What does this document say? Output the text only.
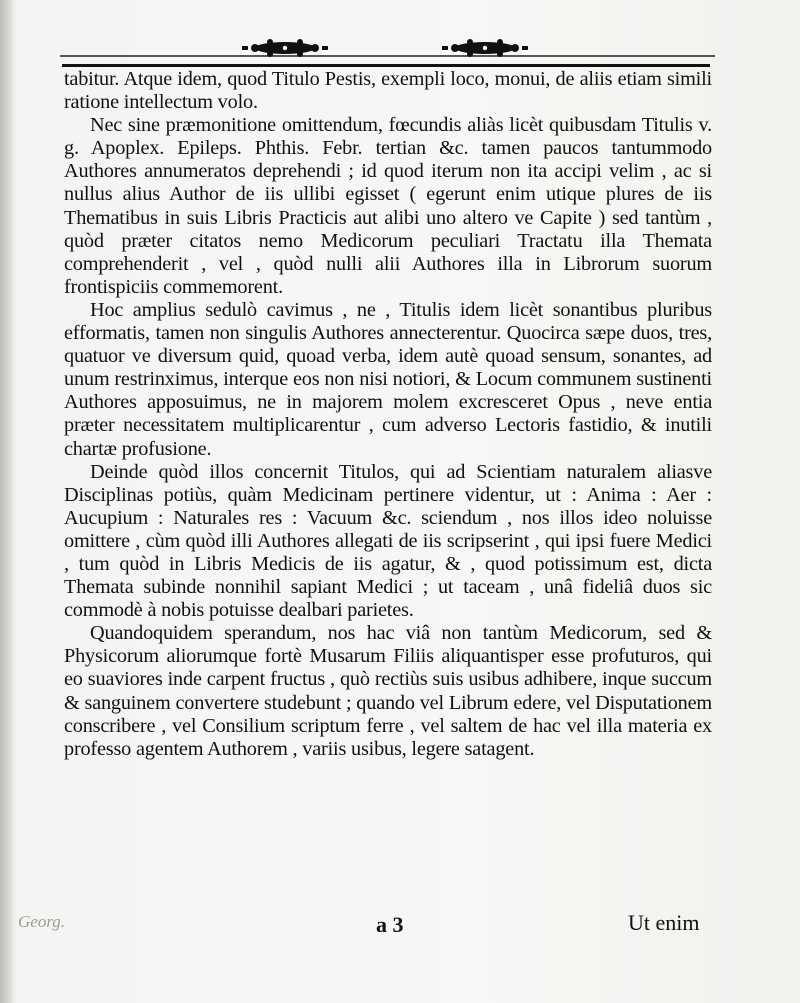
tabitur. Atque idem, quod Titulo Pestis, exempli loco, monui, de aliis etiam simili ratione intellectum volo.

Nec sine præmonitione omittendum, fœcundis aliàs licèt quibusdam Titulis v. g. Apoplex. Epileps. Phthis. Febr. tertian &c. tamen paucos tantummodo Authores annumeratos deprehendi ; id quod iterum non ita accipi velim , ac si nullus alius Author de iis ullibi egisset ( egerunt enim utique plures de iis Thematibus in suis Libris Practicis aut alibi uno altero ve Capite ) sed tantùm , quòd præter citatos nemo Medicorum peculiari Tractatu illa Themata comprehenderit , vel , quòd nulli alii Authores illa in Librorum suorum frontispiciis commemorent.

Hoc amplius sedulò cavimus , ne , Titulis idem licèt sonantibus pluribus efformatis, tamen non singulis Authores annecterentur. Quocirca sæpe duos, tres, quatuor ve diversum quid, quoad verba, idem autè quoad sensum, sonantes, ad unum restrinximus, interque eos non nisi notiori, & Locum communem sustinenti Authores apposuimus, ne in majorem molem excresceret Opus , neve entia præter necessitatem multiplicarentur , cum adverso Lectoris fastidio, & inutili chartæ profusione.

Deinde quòd illos concernit Titulos, qui ad Scientiam naturalem aliasve Disciplinas potiùs, quàm Medicinam pertinere videntur, ut : Anima : Aer : Aucupium : Naturales res : Vacuum &c. sciendum , nos illos ideo noluisse omittere , cùm quòd illi Authores allegati de iis scripserint , qui ipsi fuere Medici , tum quòd in Libris Medicis de iis agatur, & , quod potissimum est, dicta Themata subinde nonnihil sapiant Medici ; ut taceam , unâ fideliâ duos sic commodè à nobis potuisse dealbari parietes.

Quandoquidem sperandum, nos hac viâ non tantùm Medicorum, sed & Physicorum aliorumque fortè Musarum Filiis aliquantisper esse profuturos, qui eo suaviores inde carpent fructus , quò rectiùs suis usibus adhibere, inque succum & sanguinem convertere studebunt ; quando vel Librum edere, vel Disputationem conscribere , vel Consilium scriptum ferre , vel saltem de hac vel illa materia ex professo agentem Authorem , variis usibus, legere satagent.

Georg.	a 3	Ut enim
